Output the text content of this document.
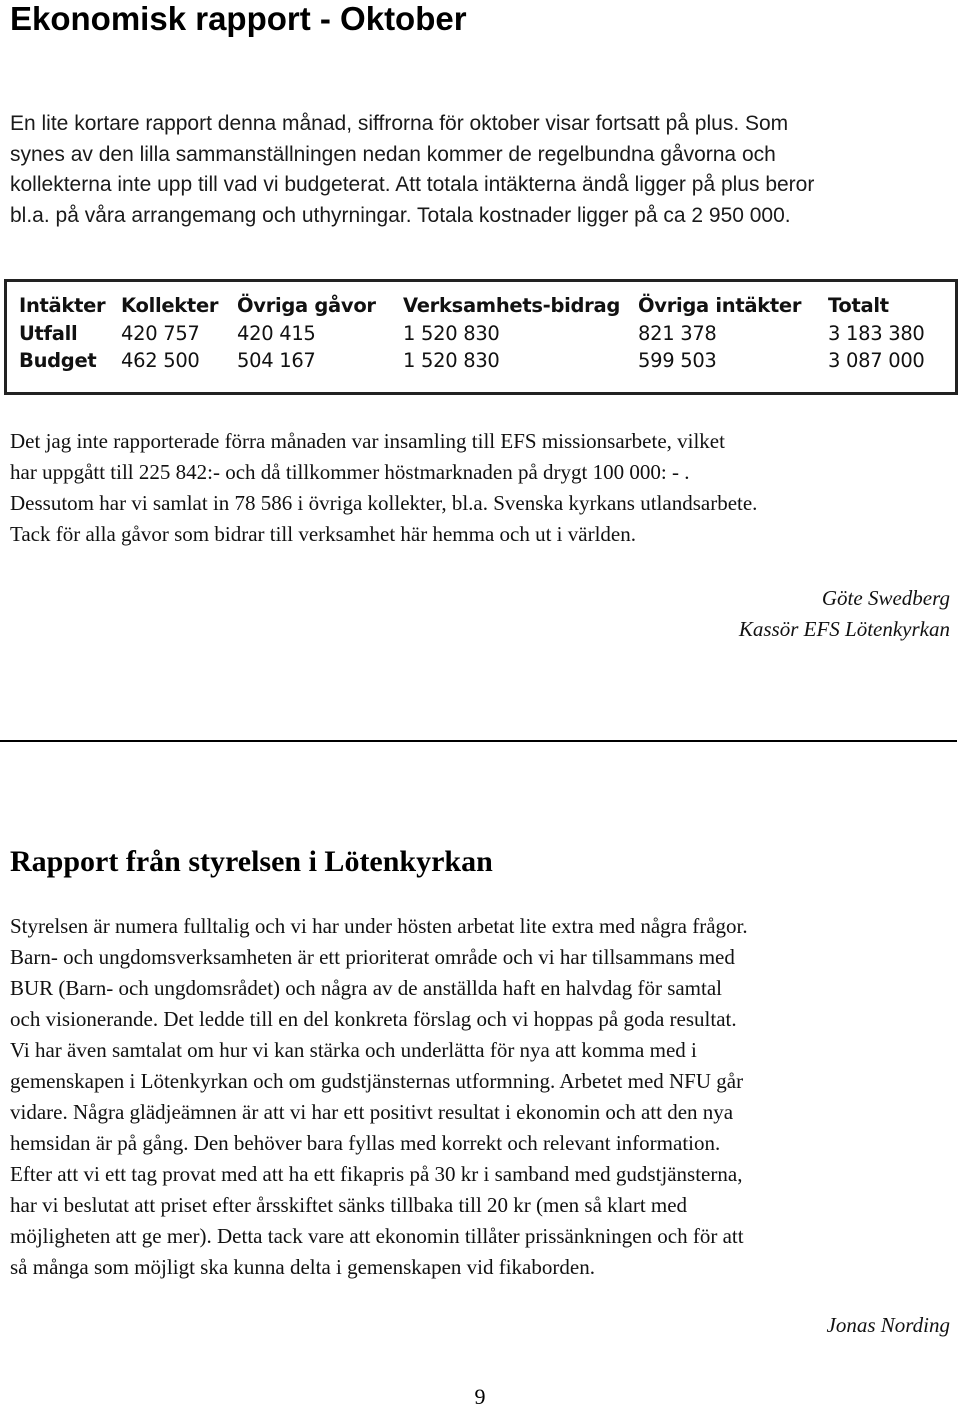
Ekonomisk rapport - Oktober
En lite kortare rapport denna månad, siffrorna för oktober visar fortsatt på plus. Som
synes av den lilla sammanställningen nedan kommer de regelbundna gåvorna och
kollekterna inte upp till vad vi budgeterat. Att totala intäkterna ändå ligger på plus beror
bl.a. på våra arrangemang och uthyrningar. Totala kostnader ligger på ca 2 950 000.
Intäkter	Kollekter	Övriga gåvor	Verksamhets-bidrag	Övriga intäkter	Totalt
Utfall	420 757	420 415	1 520 830	821 378	3 183 380
Budget	462 500	504 167	1 520 830	599 503	3 087 000
Det jag inte rapporterade förra månaden var insamling till EFS missionsarbete, vilket
har uppgått till 225 842:- och då tillkommer höstmarknaden på drygt 100 000: - .
Dessutom har vi samlat in 78 586 i övriga kollekter, bl.a. Svenska kyrkans utlandsarbete.
Tack för alla gåvor som bidrar till verksamhet här hemma och ut i världen.
Göte Swedberg
Kassör EFS Lötenkyrkan
Rapport från styrelsen i Lötenkyrkan
Styrelsen är numera fulltalig och vi har under hösten arbetat lite extra med några frågor.
Barn- och ungdomsverksamheten är ett prioriterat område och vi har tillsammans med
BUR (Barn- och ungdomsrådet) och några av de anställda haft en halvdag för samtal
och visionerande. Det ledde till en del konkreta förslag och vi hoppas på goda resultat.
Vi har även samtalat om hur vi kan stärka och underlätta för nya att komma med i
gemenskapen i Lötenkyrkan och om gudstjänsternas utformning. Arbetet med NFU går
vidare. Några glädjeämnen är att vi har ett positivt resultat i ekonomin och att den nya
hemsidan är på gång. Den behöver bara fyllas med korrekt och relevant information.
Efter att vi ett tag provat med att ha ett fikapris på 30 kr i samband med gudstjänsterna,
har vi beslutat att priset efter årsskiftet sänks tillbaka till 20 kr (men så klart med
möjligheten att ge mer). Detta tack vare att ekonomin tillåter prissänkningen och för att
så många som möjligt ska kunna delta i gemenskapen vid fikaborden.
Jonas Nording
9
